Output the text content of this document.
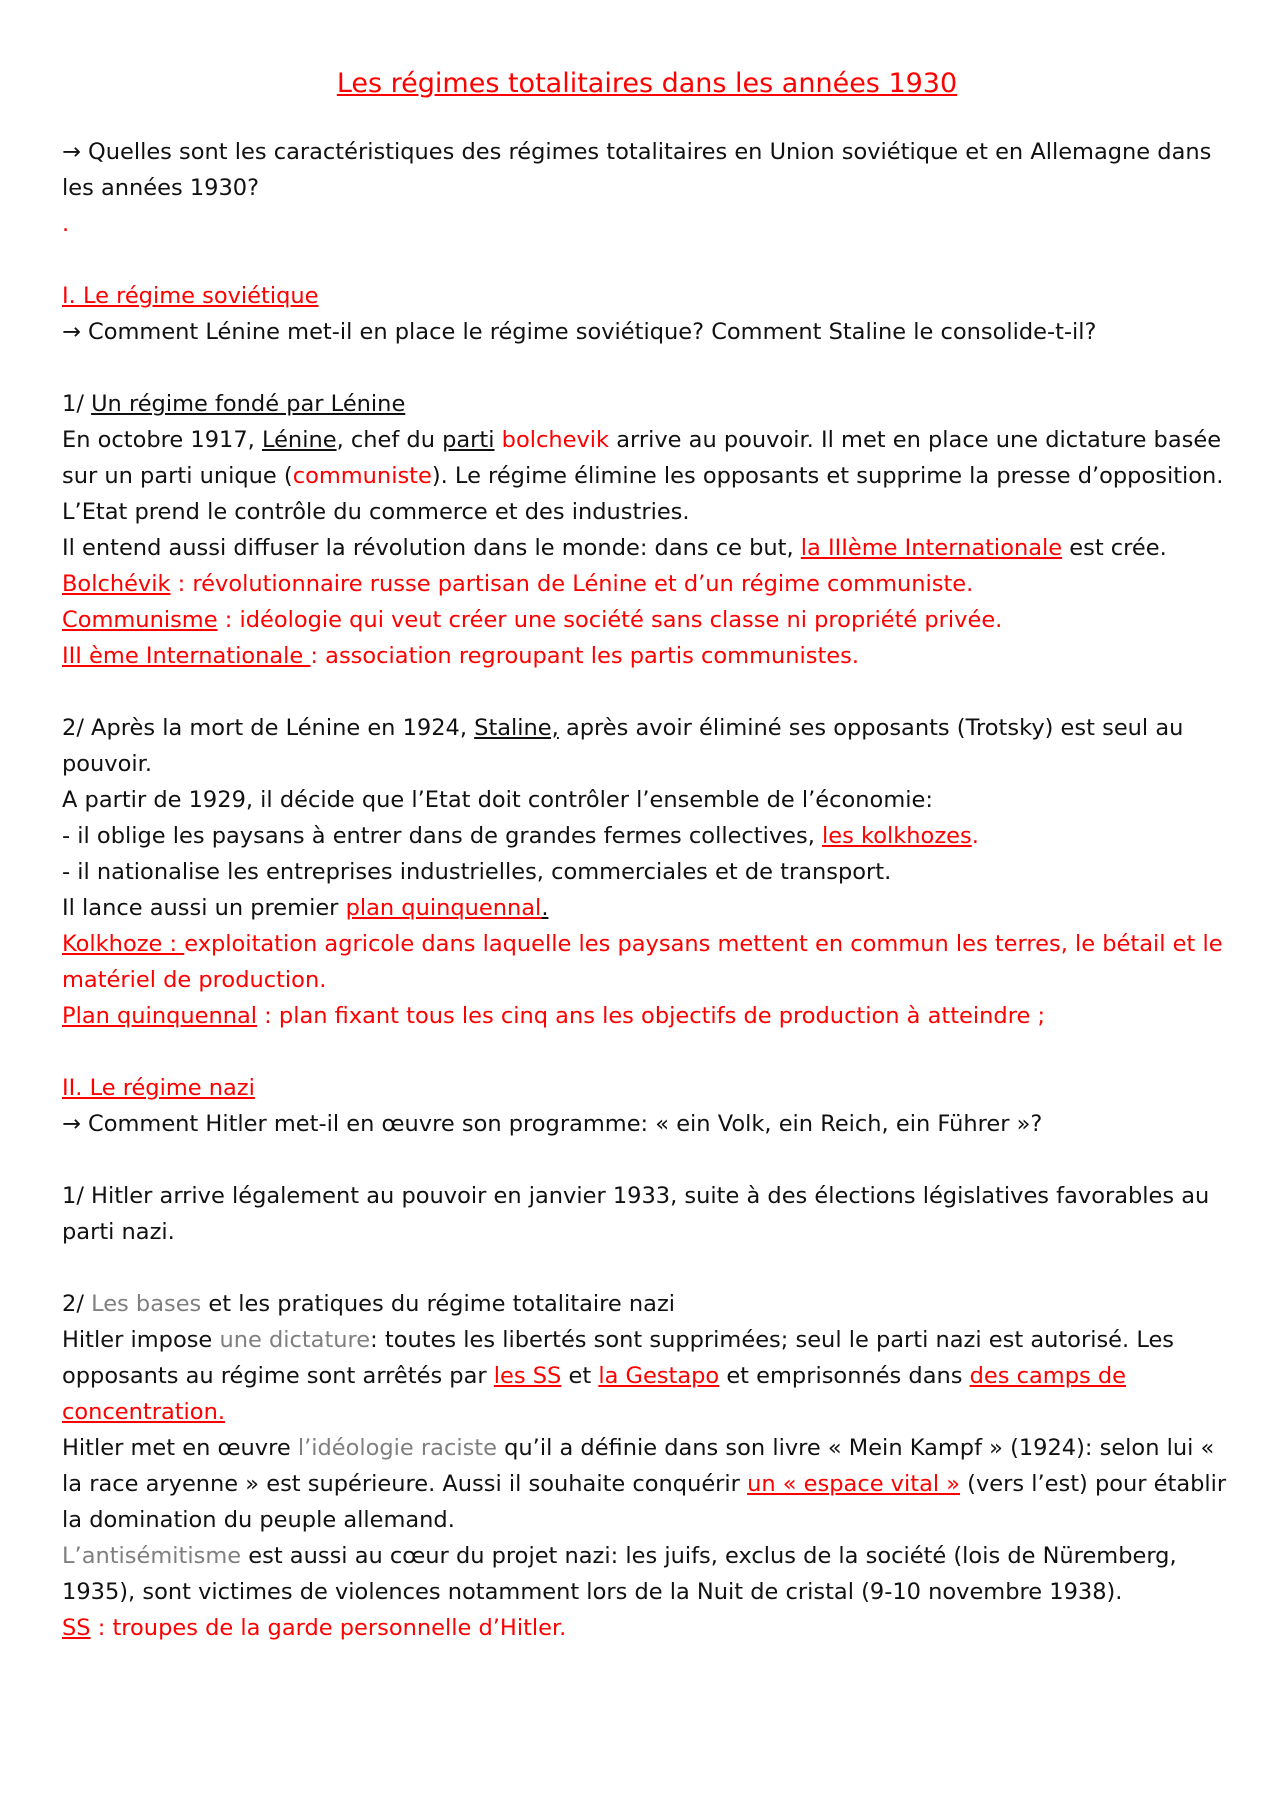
Les régimes totalitaires dans les années 1930

→ Quelles sont les caractéristiques des régimes totalitaires en Union soviétique et en Allemagne dans les années 1930?

.

I. Le régime soviétique

→ Comment Lénine met-il en place le régime soviétique? Comment Staline le consolide-t-il?

1/ Un régime fondé par Lénine

En octobre 1917, Lénine, chef du parti bolchevik arrive au pouvoir. Il met en place une dictature basée sur un parti unique (communiste). Le régime élimine les opposants et supprime la presse d’opposition. L’Etat prend le contrôle du commerce et des industries.

Il entend aussi diffuser la révolution dans le monde: dans ce but, la IIIème Internationale est crée.

Bolchévik : révolutionnaire russe partisan de Lénine et d’un régime communiste.

Communisme : idéologie qui veut créer une société sans classe ni propriété privée.

III ème Internationale : association regroupant les partis communistes.

2/ Après la mort de Lénine en 1924, Staline, après avoir éliminé ses opposants (Trotsky) est seul au pouvoir.

A partir de 1929, il décide que l’Etat doit contrôler l’ensemble de l’économie:

- il oblige les paysans à entrer dans de grandes fermes collectives, les kolkhozes.

- il nationalise les entreprises industrielles, commerciales et de transport.

Il lance aussi un premier plan quinquennal.

Kolkhoze : exploitation agricole dans laquelle les paysans mettent en commun les terres, le bétail et le matériel de production.

Plan quinquennal : plan fixant tous les cinq ans les objectifs de production à atteindre ;

II. Le régime nazi

→ Comment Hitler met-il en œuvre son programme: « ein Volk, ein Reich, ein Führer »?

1/ Hitler arrive légalement au pouvoir en janvier 1933, suite à des élections législatives favorables au parti nazi.

2/ Les bases et les pratiques du régime totalitaire nazi

Hitler impose une dictature: toutes les libertés sont supprimées; seul le parti nazi est autorisé. Les opposants au régime sont arrêtés par les SS et la Gestapo et emprisonnés dans des camps de concentration.

Hitler met en œuvre l’idéologie raciste qu’il a définie dans son livre « Mein Kampf » (1924): selon lui « la race aryenne » est supérieure. Aussi il souhaite conquérir un « espace vital » (vers l’est) pour établir la domination du peuple allemand.

L’antisémitisme est aussi au cœur du projet nazi: les juifs, exclus de la société (lois de Nüremberg, 1935), sont victimes de violences notamment lors de la Nuit de cristal (9-10 novembre 1938).

SS : troupes de la garde personnelle d’Hitler.
